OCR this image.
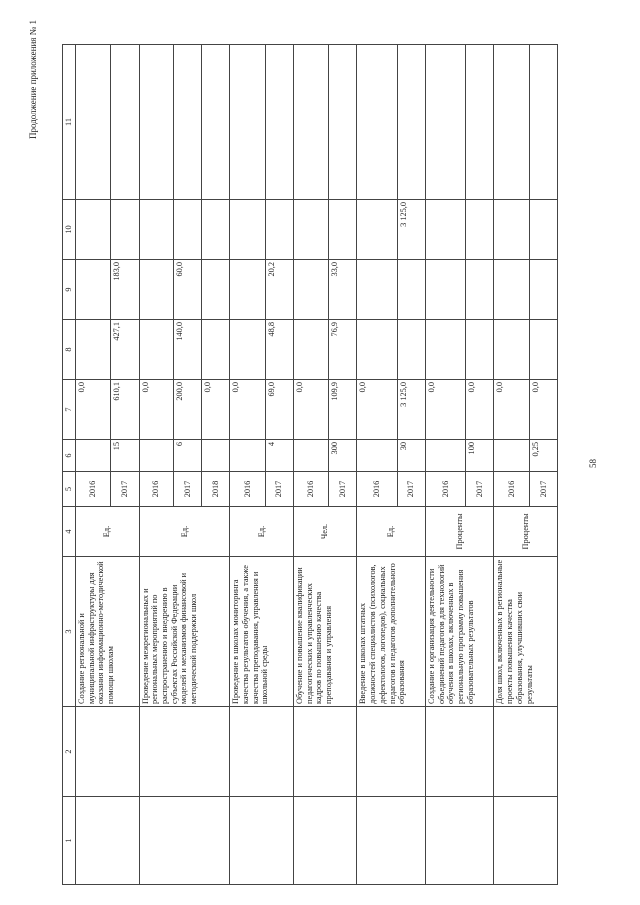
58
Продолжение приложения № 1
1	2	3	4	5	6	7	8	9	10	11
		Создание региональной и муниципальной инфраструктуры для оказания информационно-методической помощи школам	Ед.	2016		0,0				
				2017	15	610,1	427,1	183,0		
		Проведение межрегиональных и региональных мероприятий по распространению и внедрению в субъектах Российской Федерации моделей и механизмов финансовой и методической поддержки школ	Ед.	2016		0,0				
				2017	6	200,0	140,0	60,0		
				2018		0,0				
		Проведение в школах мониторинга качества результатов обучения, а также качества преподавания, управления и школьной среды	Ед.	2016		0,0				
				2017	4	69,0	48,8	20,2		
		Обучение и повышение квалификации педагогических и управленческих кадров по повышению качества преподавания и управления	Чел.	2016		0,0				
				2017	300	109,9	76,9	33,0		
		Введение в школах штатных должностей специалистов (психологов, дефектологов, логопедов), социальных педагогов и педагогов дополнительного образования	Ед.	2016		0,0				
				2017	30	3 125,0			3 125,0	
		Создание и организация деятельности объединений педагогов для технологий обучения в школах, включенных в региональную программу повышения образовательных результатов	Проценты	2016		0,0				
				2017	100	0,0				
		Доля школ, включенных в региональные проекты повышения качества образования, улучшивших свои результаты	Проценты	2016		0,0				
				2017	0,25	0,0				
